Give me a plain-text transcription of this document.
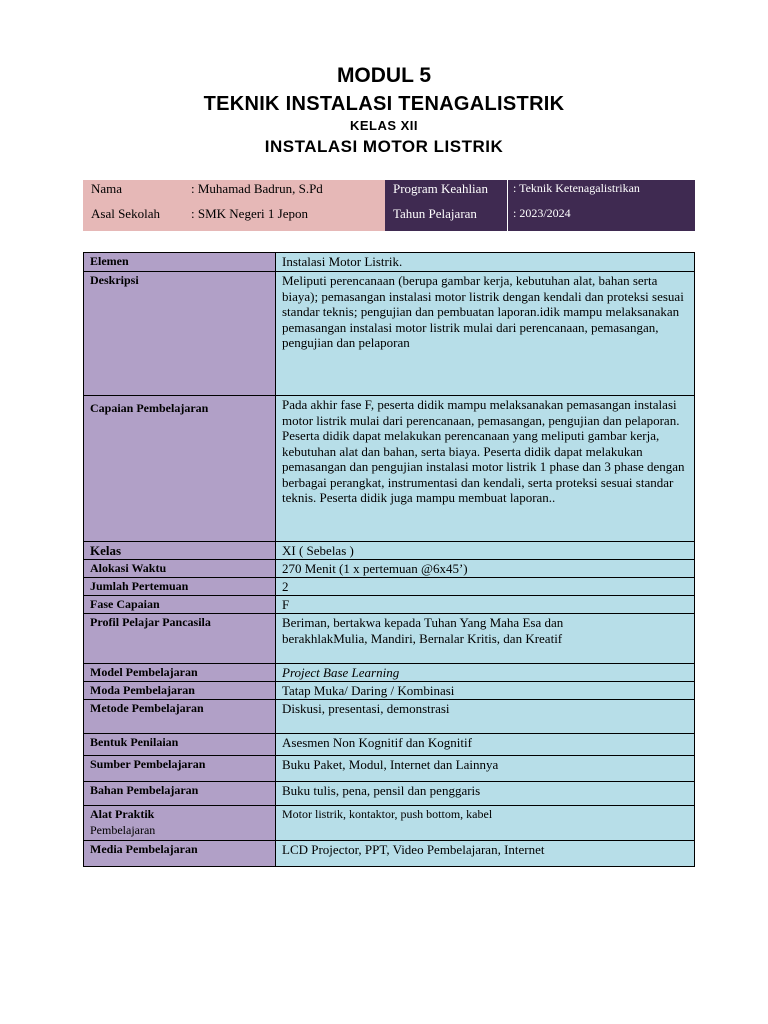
MODUL 5
TEKNIK INSTALASI TENAGALISTRIK
KELAS XII
INSTALASI MOTOR LISTRIK
Nama	: Muhamad Badrun, S.Pd
Asal Sekolah : SMK Negeri 1 Jepon
Program Keahlian : Teknik Ketenagalistrikan
Tahun Pelajaran	: 2023/2024
Elemen	Instalasi Motor Listrik.
Deskripsi	Meliputi perencanaan (berupa gambar kerja, kebutuhan alat, bahan serta biaya); pemasangan instalasi motor listrik dengan kendali dan proteksi sesuai standar teknis; pengujian dan pembuatan laporan.idik mampu melaksanakan pemasangan instalasi motor listrik mulai dari perencanaan, pemasangan, pengujian dan pelaporan
Capaian Pembelajaran	Pada akhir fase F, peserta didik mampu melaksanakan pemasangan instalasi motor listrik mulai dari perencanaan, pemasangan, pengujian dan pelaporan. Peserta didik dapat melakukan perencanaan yang meliputi gambar kerja, kebutuhan alat dan bahan, serta biaya. Peserta didik dapat melakukan pemasangan dan pengujian instalasi motor listrik 1 phase dan 3 phase dengan berbagai perangkat, instrumentasi dan kendali, serta proteksi sesuai standar teknis. Peserta didik juga mampu membuat laporan..
Kelas	XI ( Sebelas )
Alokasi Waktu	270 Menit (1 x pertemuan @6x45’)
Jumlah Pertemuan	2
Fase Capaian	F
Profil Pelajar Pancasila	Beriman, bertakwa kepada Tuhan Yang Maha Esa dan berakhlakMulia, Mandiri, Bernalar Kritis, dan Kreatif
Model Pembelajaran	Project Base Learning
Moda Pembelajaran	Tatap Muka/ Daring / Kombinasi
Metode Pembelajaran	Diskusi, presentasi, demonstrasi
Bentuk Penilaian	Asesmen Non Kognitif dan Kognitif
Sumber Pembelajaran	Buku Paket, Modul, Internet dan Lainnya
Bahan Pembelajaran	Buku tulis, pena, pensil dan penggaris

Alat Praktik
Pembelajaran	Motor listrik, kontaktor, push bottom, kabel
Media Pembelajaran	LCD Projector, PPT, Video Pembelajaran, Internet
